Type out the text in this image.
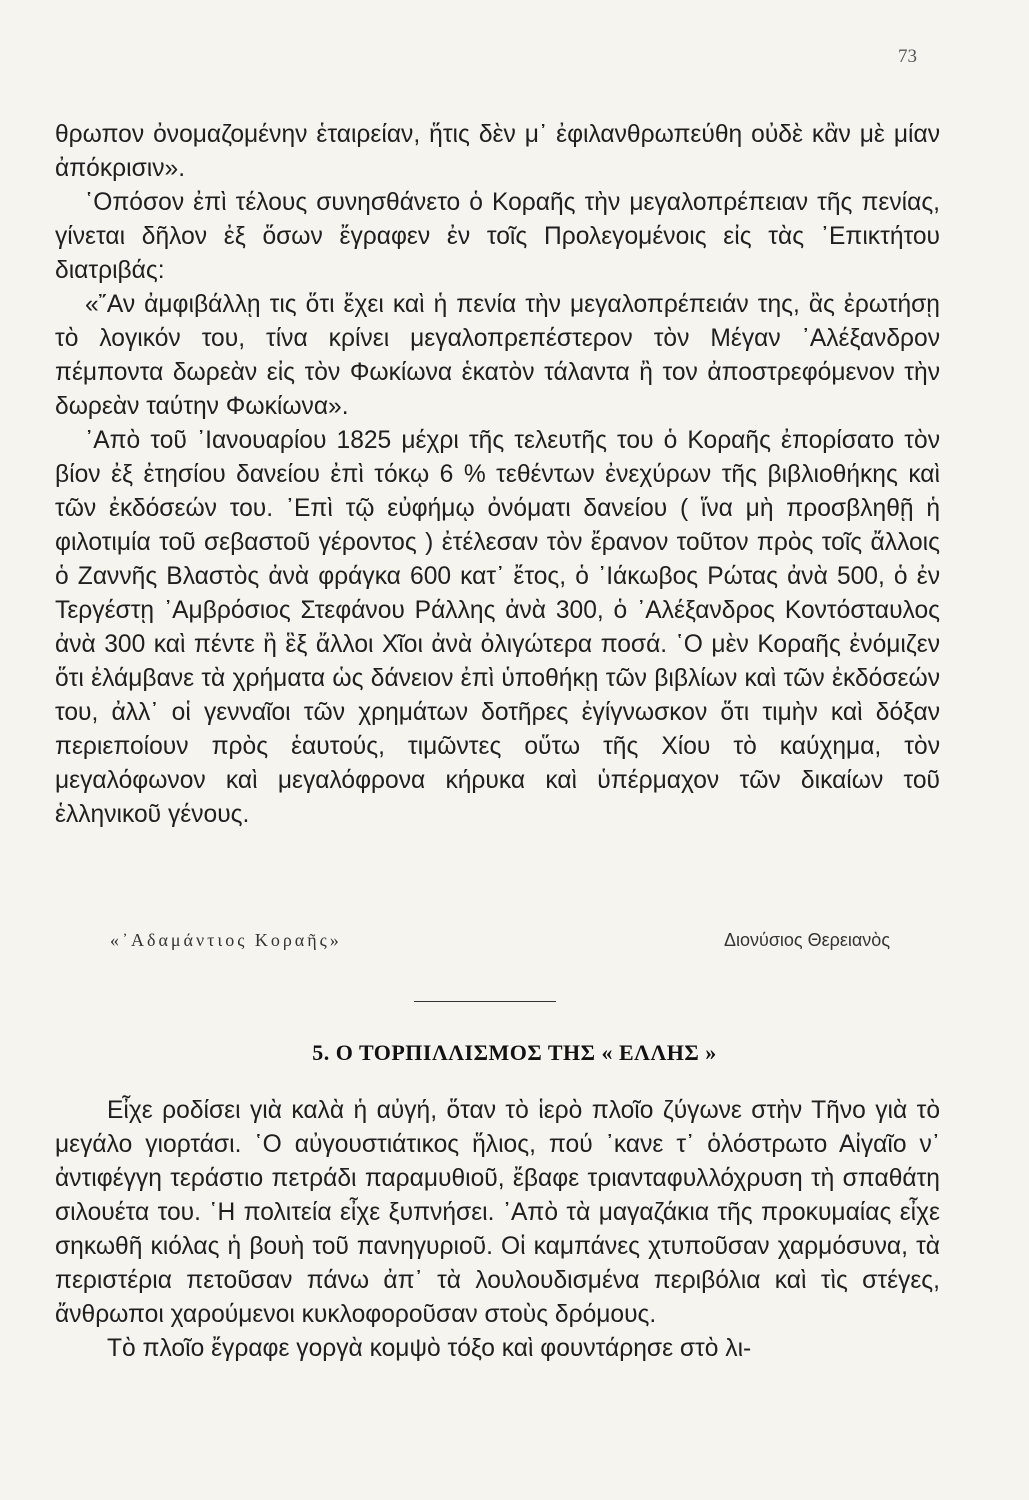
73

θρωπον ὀνομαζομένην ἑταιρείαν, ἥτις δὲν μ᾿ ἐφιλανθρωπεύθη οὐδὲ κἂν μὲ μίαν ἀπόκρισιν».

῾Οπόσον ἐπὶ τέλους συνησθάνετο ὁ Κοραῆς τὴν μεγαλοπρέπειαν τῆς πενίας, γίνεται δῆλον ἐξ ὅσων ἔγραφεν ἐν τοῖς Προλεγομένοις εἰς τὰς ᾿Επικτήτου διατριβάς:

«῎Αν ἀμφιβάλλῃ τις ὅτι ἔχει καὶ ἡ πενία τὴν μεγαλοπρέπειάν της, ἂς ἐρωτήσῃ τὸ λογικόν του, τίνα κρίνει μεγαλοπρεπέστερον τὸν Μέγαν ᾿Αλέξανδρον πέμποντα δωρεὰν εἰς τὸν Φωκίωνα ἑκατὸν τάλαντα ἢ τον ἀποστρεφόμενον τὴν δωρεὰν ταύτην Φωκίωνα».

᾿Απὸ τοῦ ᾿Ιανουαρίου 1825 μέχρι τῆς τελευτῆς του ὁ Κοραῆς ἐπορίσατο τὸν βίον ἐξ ἐτησίου δανείου ἐπὶ τόκῳ 6 % τεθέντων ἐνεχύρων τῆς βιβλιοθήκης καὶ τῶν ἐκδόσεών του. ᾿Επὶ τῷ εὐφήμῳ ὀνόματι δανείου ( ἵνα μὴ προσβληθῇ ἡ φιλοτιμία τοῦ σεβαστοῦ γέροντος ) ἐτέλεσαν τὸν ἔρανον τοῦτον πρὸς τοῖς ἄλλοις ὁ Ζαννῆς Βλαστὸς ἀνὰ φράγκα 600 κατ᾿ ἔτος, ὁ ᾿Ιάκωβος Ρώτας ἀνὰ 500, ὁ ἐν Τεργέστῃ ᾿Αμβρόσιος Στεφάνου Ράλλης ἀνὰ 300, ὁ ᾿Αλέξανδρος Κοντόσταυλος ἀνὰ 300 καὶ πέντε ἢ ἓξ ἄλλοι Χῖοι ἀνὰ ὀλιγώτερα ποσά. ῾Ο μὲν Κοραῆς ἐνόμιζεν ὅτι ἐλάμβανε τὰ χρήματα ὡς δάνειον ἐπὶ ὑποθήκῃ τῶν βιβλίων καὶ τῶν ἐκδόσεών του, ἀλλ᾿ οἱ γενναῖοι τῶν χρημάτων δοτῆρες ἐγίγνωσκον ὅτι τιμὴν καὶ δόξαν περιεποίουν πρὸς ἑαυτούς, τιμῶντες οὕτω τῆς Χίου τὸ καύχημα, τὸν μεγαλόφωνον καὶ μεγαλόφρονα κήρυκα καὶ ὑπέρμαχον τῶν δικαίων τοῦ ἑλληνικοῦ γένους.

«᾿Αδαμάντιος Κοραῆς»	Διονύσιος Θερειανὸς
5. Ο ΤΟΡΠΙΛΛΙΣΜΟΣ ΤΗΣ « ΕΛΛΗΣ »

Εἶχε ροδίσει γιὰ καλὰ ἡ αὐγή, ὅταν τὸ ἱερὸ πλοῖο ζύγωνε στὴν Τῆνο γιὰ τὸ μεγάλο γιορτάσι. ῾Ο αὐγουστιάτικος ἥλιος, πού ᾿κανε τ᾿ ὁλόστρωτο Αἰγαῖο ν᾿ ἀντιφέγγη τεράστιο πετράδι παραμυθιοῦ, ἔβαφε τριανταφυλλόχρυση τὴ σπαθάτη σιλουέτα του. ῾Η πολιτεία εἶχε ξυπνήσει. ᾿Απὸ τὰ μαγαζάκια τῆς προκυμαίας εἶχε σηκωθῆ κιόλας ἡ βουὴ τοῦ πανηγυριοῦ. Οἱ καμπάνες χτυποῦσαν χαρμόσυνα, τὰ περιστέρια πετοῦσαν πάνω ἀπ᾿ τὰ λουλουδισμένα περιβόλια καὶ τὶς στέγες, ἄνθρωποι χαρούμενοι κυκλοφοροῦσαν στοὺς δρόμους.

Τὸ πλοῖο ἔγραφε γοργὰ κομψὸ τόξο καὶ φουντάρησε στὸ λι-
